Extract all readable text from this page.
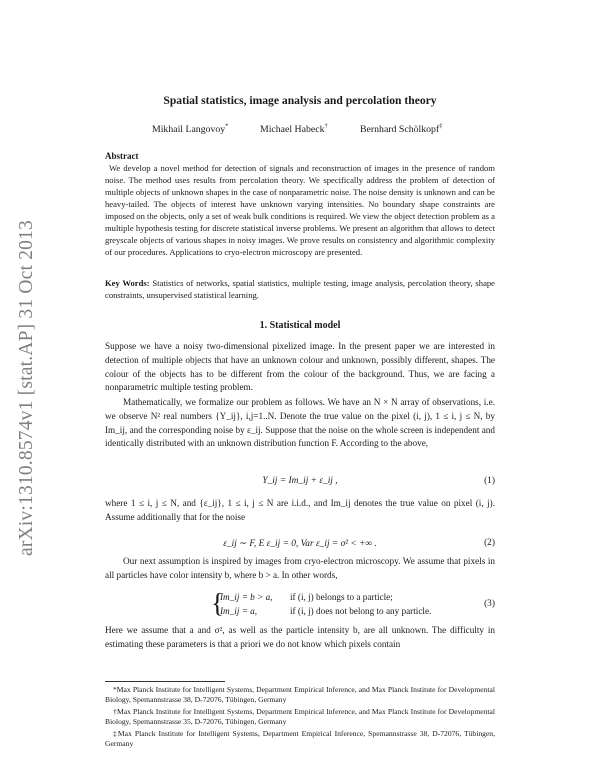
arXiv:1310.8574v1 [stat.AP] 31 Oct 2013
Spatial statistics, image analysis and percolation theory
Mikhail Langovoy*	Michael Habeck†	Bernhard Schölkopf‡
Abstract
We develop a novel method for detection of signals and reconstruction of images in the presence of random noise. The method uses results from percolation theory. We specifically address the problem of detection of multiple objects of unknown shapes in the case of nonparametric noise. The noise density is unknown and can be heavy-tailed. The objects of interest have unknown varying intensities. No boundary shape constraints are imposed on the objects, only a set of weak bulk conditions is required. We view the object detection problem as a multiple hypothesis testing for discrete statistical inverse problems. We present an algorithm that allows to detect greyscale objects of various shapes in noisy images. We prove results on consistency and algorithmic complexity of our procedures. Applications to cryo-electron microscopy are presented.
Key Words: Statistics of networks, spatial statistics, multiple testing, image analysis, percolation theory, shape constraints, unsupervised statistical learning.
1. Statistical model

Suppose we have a noisy two-dimensional pixelized image. In the present paper we are interested in detection of multiple objects that have an unknown colour and unknown, possibly different, shapes. The colour of the objects has to be different from the colour of the background. Thus, we are facing a nonparametric multiple testing problem.

Mathematically, we formalize our problem as follows. We have an N × N array of observations, i.e. we observe N² real numbers {Y_ij}, i,j=1..N. Denote the true value on the pixel (i, j), 1 ≤ i, j ≤ N, by Im_ij, and the corresponding noise by ε_ij. Suppose that the noise on the whole screen is independent and identically distributed with an unknown distribution function F. According to the above,

Y_ij = Im_ij + ε_ij ,	(1)

where 1 ≤ i, j ≤ N, and {ε_ij}, 1 ≤ i, j ≤ N are i.i.d., and Im_ij denotes the true value on pixel (i, j). Assume additionally that for the noise

ε_ij ∼ F, E ε_ij = 0, Var ε_ij = σ² < +∞ .	(2)

Our next assumption is inspired by images from cryo-electron microscopy. We assume that pixels in all particles have color intensity b, where b > a. In other words,

{
Im_ij = b > a, if (i, j) belongs to a particle;
Im_ij = a,	if (i, j) does not belong to any particle.
(3)

Here we assume that a and σ², as well as the particle intensity b, are all unknown. The difficulty in estimating these parameters is that a priori we do not know which pixels contain

*Max Planck Institute for Intelligent Systems, Department Empirical Inference, and Max Planck Institute for Developmental Biology, Spemannstrasse 38, D-72076, Tübingen, Germany

†Max Planck Institute for Intelligent Systems, Department Empirical Inference, and Max Planck Institute for Developmental Biology, Spemannstrasse 35, D-72076, Tübingen, Germany

‡Max Planck Institute for Intelligent Systems, Department Empirical Inference, Spemannstrasse 38, D-72076, Tübingen, Germany
